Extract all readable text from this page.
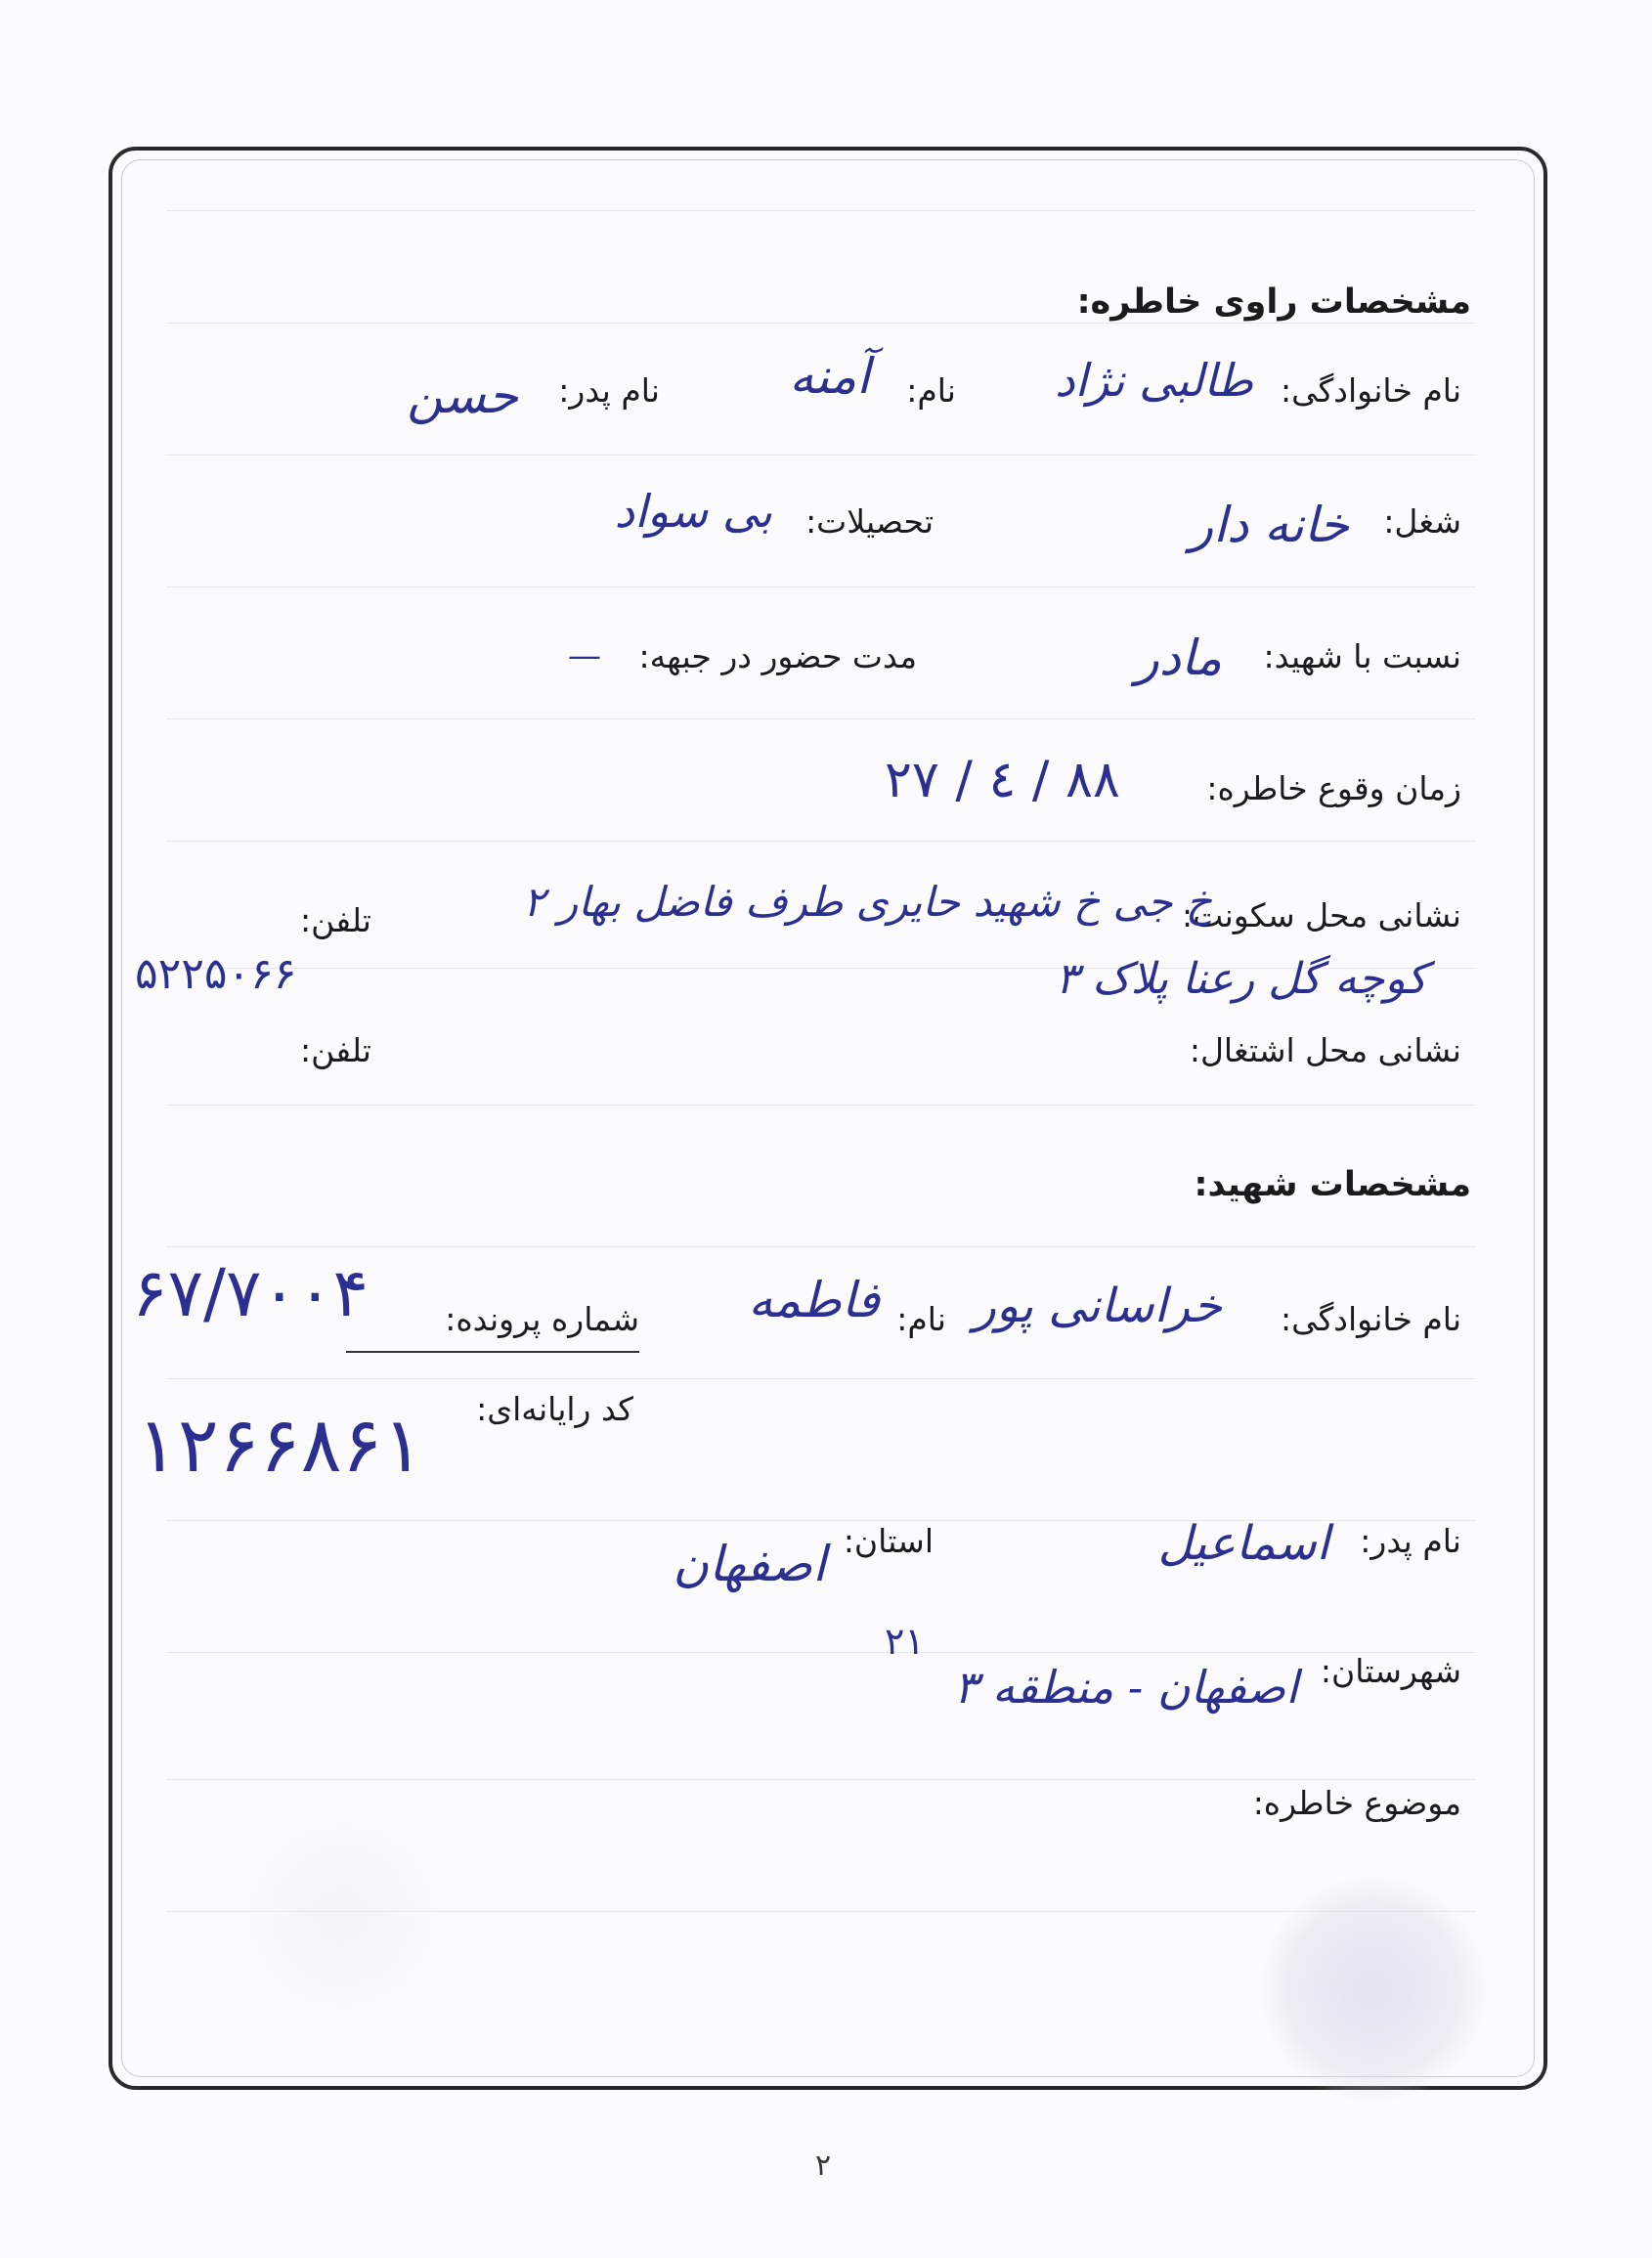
مشخصات راوی خاطره:
نام خانوادگی:
طالبی نژاد
نام:
آمنه
نام پدر:
حسن
شغل:
خانه دار
تحصیلات:
بی سواد
نسبت با شهید:
مادر
مدت حضور در جبهه:
—
زمان وقوع خاطره:
۲۷ / ٤ / ۸۸
نشانی محل سکونت:
خ جی خ شهید حایری طرف فاضل بهار ۲
کوچه گل رعنا پلاک ۳
تلفن:
۵۲۲۵۰۶۶
نشانی محل اشتغال:
تلفن:
مشخصات شهید:
نام خانوادگی:
خراسانی پور
نام:
فاطمه
شماره پرونده:
۶۷/۷۰۰۴
کد رایانه‌ای:
۱۲۶۶۸۶۱
نام پدر:
اسماعیل
استان:
اصفهان
شهرستان:
اصفهان - منطقه ۳
۲۱
موضوع خاطره:
۲
